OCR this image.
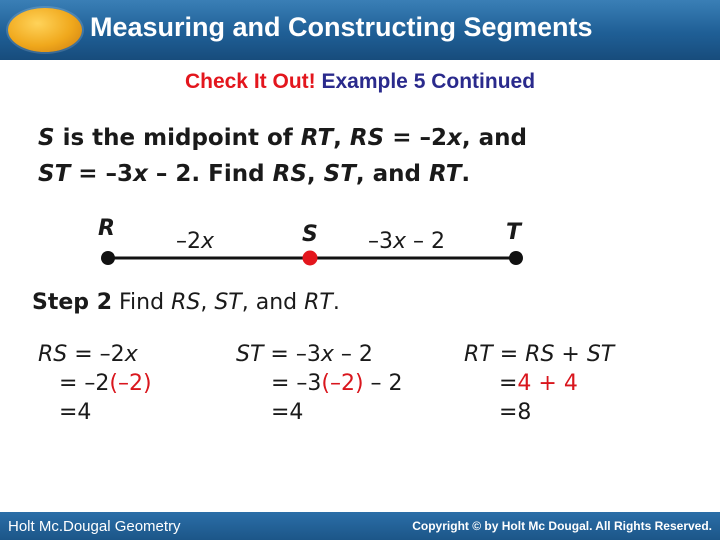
Measuring and Constructing Segments
Check It Out! Example 5 Continued
S is the midpoint of RT, RS = –2x, and
ST = –3x – 2. Find RS, ST, and RT.
R	S	T
–2x	–3x – 2
Step 2 Find RS, ST, and RT.
RS = –2x
= –2(–2)
=4
ST = –3x – 2
= –3(–2) – 2
=4
RT = RS + ST
=4 + 4
=8
Holt Mc.Dougal Geometry	Copyright © by Holt Mc Dougal. All Rights Reserved.
